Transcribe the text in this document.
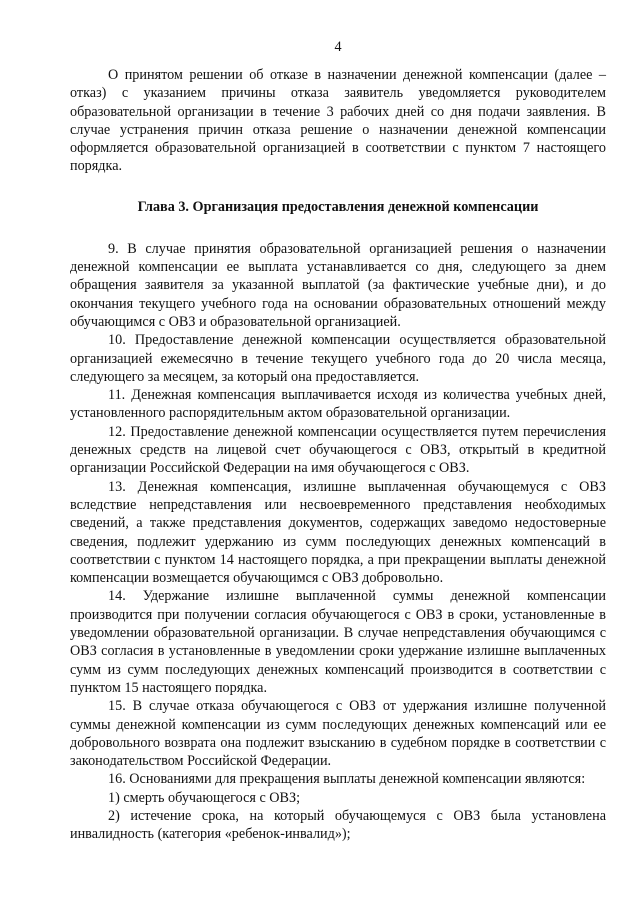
4

О принятом решении об отказе в назначении денежной компенсации (далее – отказ) с указанием причины отказа заявитель уведомляется руководителем образовательной организации в течение 3 рабочих дней со дня подачи заявления. В случае устранения причин отказа решение о назначении денежной компенсации оформляется образовательной организацией в соответствии с пунктом 7 настоящего порядка.

Глава 3. Организация предоставления денежной компенсации

9. В случае принятия образовательной организацией решения о назначении денежной компенсации ее выплата устанавливается со дня, следующего за днем обращения заявителя за указанной выплатой (за фактические учебные дни), и до окончания текущего учебного года на основании образовательных отношений между обучающимся с ОВЗ и образовательной организацией.

10. Предоставление денежной компенсации осуществляется образовательной организацией ежемесячно в течение текущего учебного года до 20 числа месяца, следующего за месяцем, за который она предоставляется.

11. Денежная компенсация выплачивается исходя из количества учебных дней, установленного распорядительным актом образовательной организации.

12. Предоставление денежной компенсации осуществляется путем перечисления денежных средств на лицевой счет обучающегося с ОВЗ, открытый в кредитной организации Российской Федерации на имя обучающегося с ОВЗ.

13. Денежная компенсация, излишне выплаченная обучающемуся с ОВЗ вследствие непредставления или несвоевременного представления необходимых сведений, а также представления документов, содержащих заведомо недостоверные сведения, подлежит удержанию из сумм последующих денежных компенсаций в соответствии с пунктом 14 настоящего порядка, а при прекращении выплаты денежной компенсации возмещается обучающимся с ОВЗ добровольно.

14. Удержание излишне выплаченной суммы денежной компенсации производится при получении согласия обучающегося с ОВЗ в сроки, установленные в уведомлении образовательной организации. В случае непредставления обучающимся с ОВЗ согласия в установленные в уведомлении сроки удержание излишне выплаченных сумм из сумм последующих денежных компенсаций производится в соответствии с пунктом 15 настоящего порядка.

15. В случае отказа обучающегося с ОВЗ от удержания излишне полученной суммы денежной компенсации из сумм последующих денежных компенсаций или ее добровольного возврата она подлежит взысканию в судебном порядке в соответствии с законодательством Российской Федерации.

16. Основаниями для прекращения выплаты денежной компенсации являются:

1) смерть обучающегося с ОВЗ;

2) истечение срока, на который обучающемуся с ОВЗ была установлена инвалидность (категория «ребенок-инвалид»);
